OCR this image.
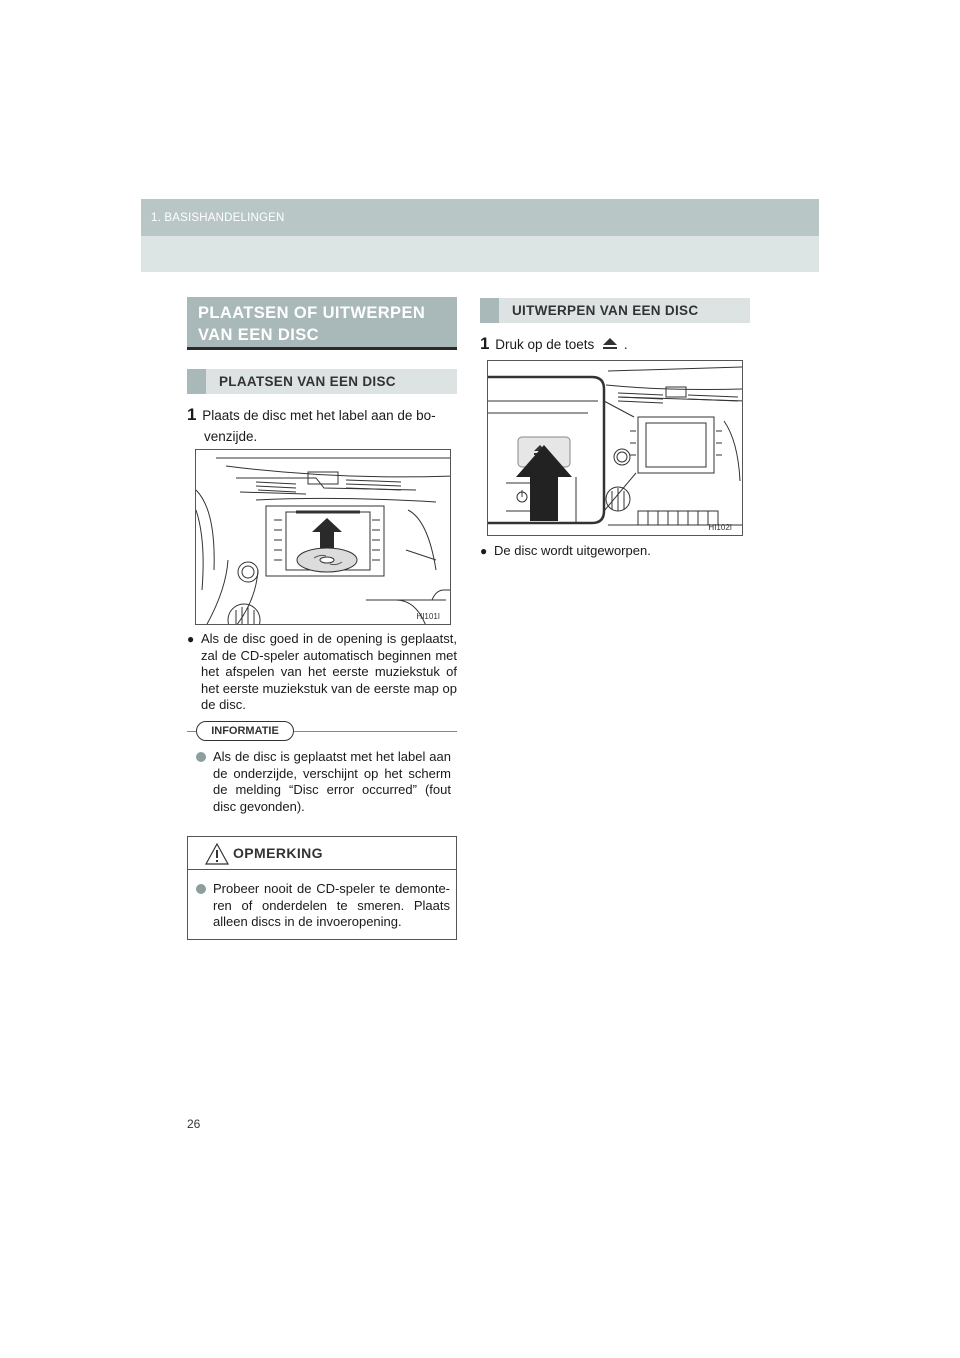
1. BASISHANDELINGEN
PLAATSEN OF UITWERPEN
VAN EEN DISC
PLAATSEN VAN EEN DISC
1 Plaats de disc met het label aan de bo-
venzijde.
HI101I
● Als de disc goed in de opening is geplaatst, zal de CD-speler automatisch beginnen met het afspelen van het eerste muziekstuk of het eerste muziekstuk van de eerste map op de disc.
INFORMATIE
Als de disc is geplaatst met het label aan de onderzijde, verschijnt op het scherm de melding “Disc error occurred” (fout disc gevonden).
OPMERKING
Probeer nooit de CD-speler te demonte-ren of onderdelen te smeren. Plaats alleen discs in de invoeropening.
UITWERPEN VAN EEN DISC
1 Druk op de toets .
HI102I
● De disc wordt uitgeworpen.
26
